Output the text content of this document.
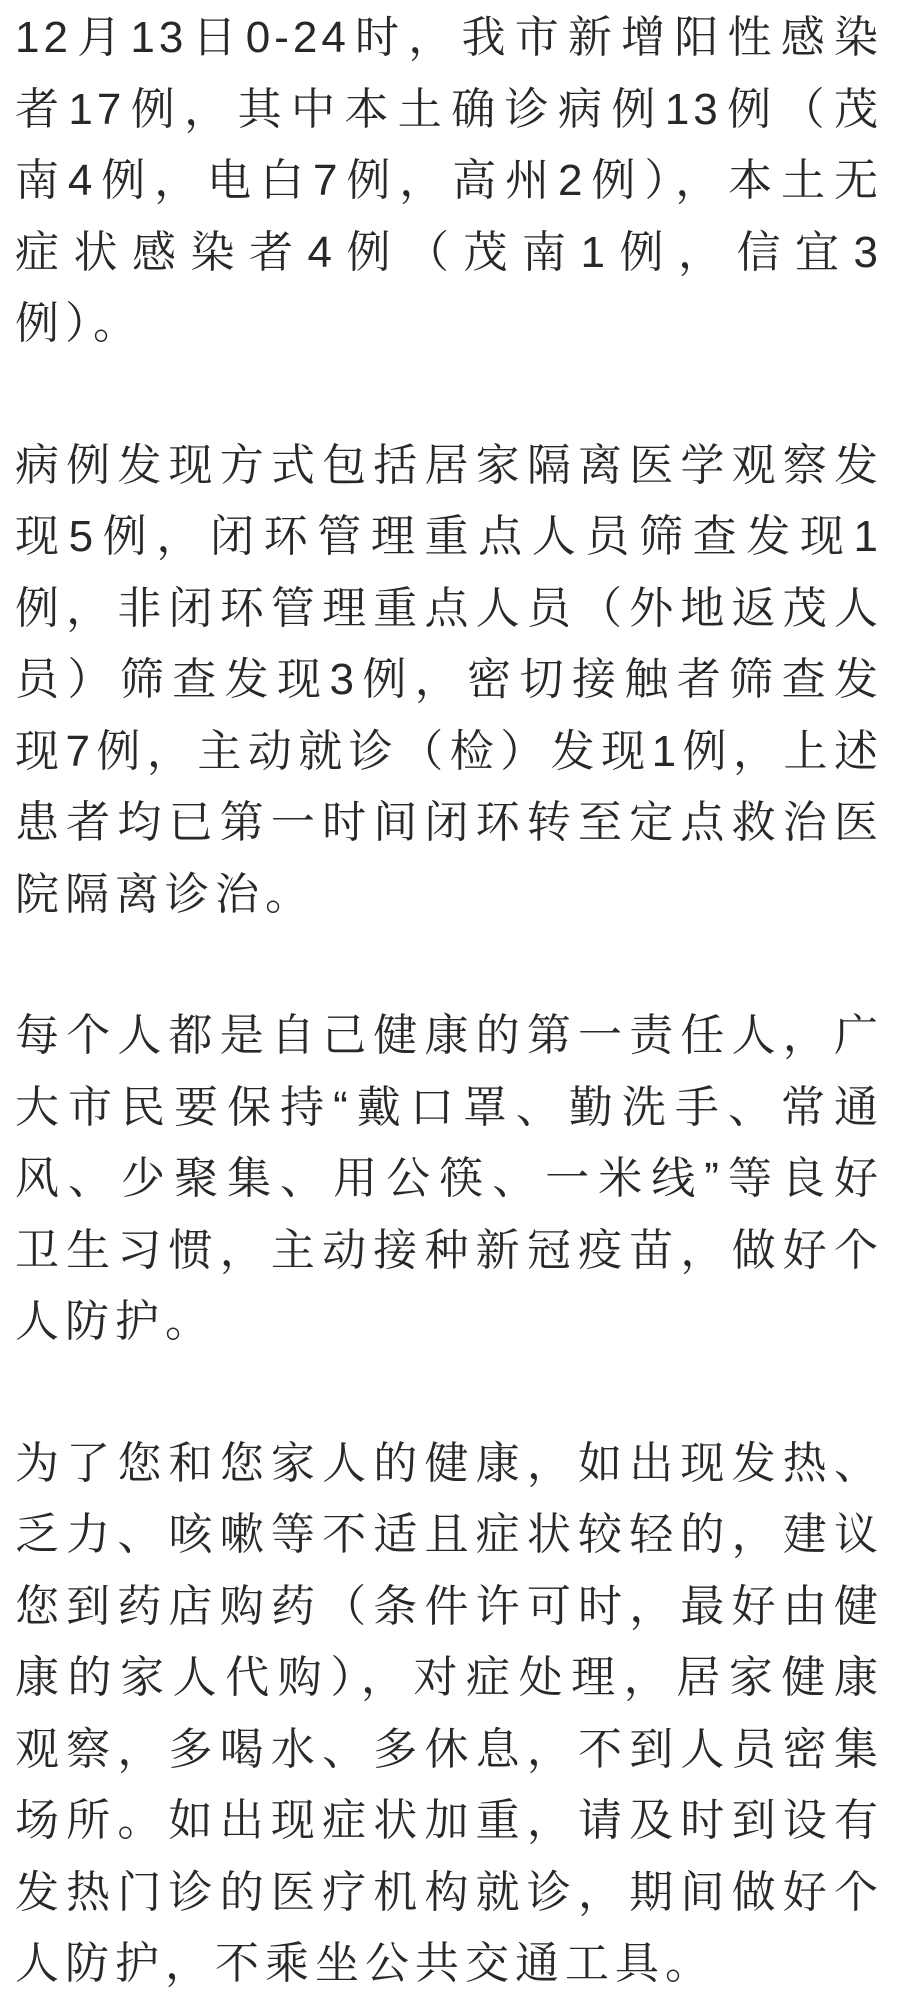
12月13日0-24时，我市新增阳性感染
者17例，其中本土确诊病例13例（茂
南4例，电白7例，高州2例），本土无
症状感染者4例（茂南1例，信宜3
例）。

病例发现方式包括居家隔离医学观察发
现5例，闭环管理重点人员筛查发现1
例，非闭环管理重点人员（外地返茂人
员）筛查发现3例，密切接触者筛查发
现7例，主动就诊（检）发现1例，上述
患者均已第一时间闭环转至定点救治医
院隔离诊治。

每个人都是自己健康的第一责任人，广
大市民要保持“戴口罩、勤洗手、常通
风、少聚集、用公筷、一米线”等良好
卫生习惯，主动接种新冠疫苗，做好个
人防护。

为了您和您家人的健康，如出现发热、
乏力、咳嗽等不适且症状较轻的，建议
您到药店购药（条件许可时，最好由健
康的家人代购），对症处理，居家健康
观察，多喝水、多休息，不到人员密集
场所。如出现症状加重，请及时到设有
发热门诊的医疗机构就诊，期间做好个
人防护，不乘坐公共交通工具。
